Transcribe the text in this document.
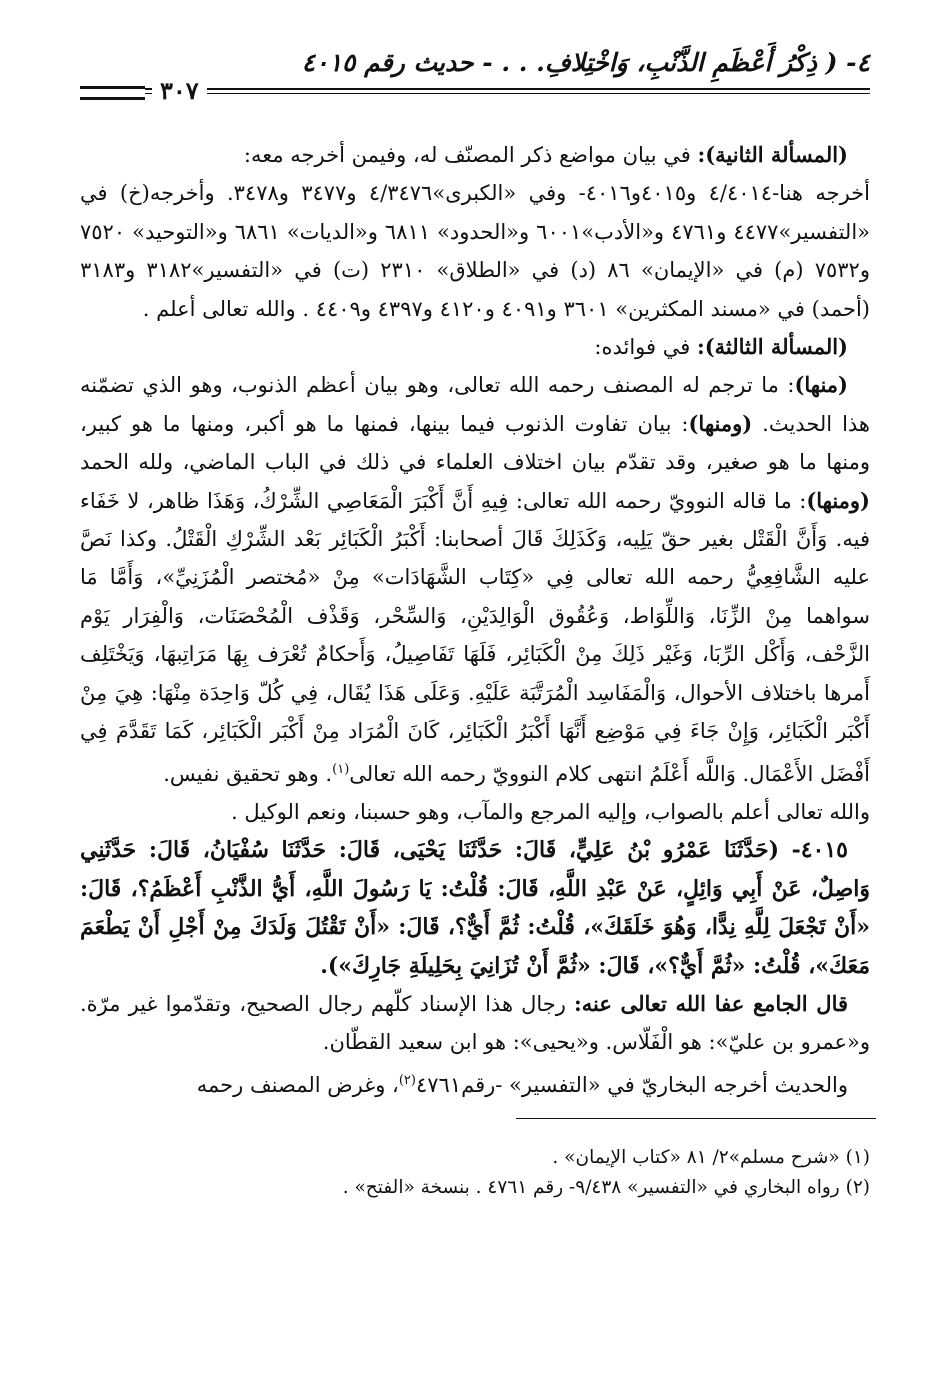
٤- ( ذِكْرُ أَعْظَمِ الذَّنْبِ، وَاخْتِلافِ. . . - حديث رقم ٤٠١٥
٣٠٧

(المسألة الثانية): في بيان مواضع ذكر المصنّف له، وفيمن أخرجه معه:

أخرجه هنا-٤/٤٠١٤ و٤٠١٥و٤٠١٦- وفي «الكبرى»٤/٣٤٧٦ و٣٤٧٧ و٣٤٧٨. وأخرجه(خ) في «التفسير»٤٤٧٧ و٤٧٦١ و«الأدب»٦٠٠١ و«الحدود» ٦٨١١ و«الديات» ٦٨٦١ و«التوحيد» ٧٥٢٠ و٧٥٣٢ (م) في «الإيمان» ٨٦ (د) في «الطلاق» ٢٣١٠ (ت) في «التفسير»٣١٨٢ و٣١٨٣ (أحمد) في «مسند المكثرين» ٣٦٠١ و٤٠٩١ و٤١٢٠ و٤٣٩٧ و٤٤٠٩ . والله تعالى أعلم .

(المسألة الثالثة): في فوائده:

(منها): ما ترجم له المصنف رحمه الله تعالى، وهو بيان أعظم الذنوب، وهو الذي تضمّنه هذا الحديث. (ومنها): بيان تفاوت الذنوب فيما بينها، فمنها ما هو أكبر، ومنها ما هو كبير، ومنها ما هو صغير، وقد تقدّم بيان اختلاف العلماء في ذلك في الباب الماضي، ولله الحمد (ومنها): ما قاله النوويّ رحمه الله تعالى: فِيهِ أَنَّ أَكْبَرَ الْمَعَاصِي الشِّرْكُ، وَهَذَا ظاهر، لا خَفَاء فيه. وَأَنَّ الْقَتْل بغير حقّ يَلِيه، وَكَذَلِكَ قَالَ أصحابنا: أَكْبَرُ الْكَبَائِر بَعْد الشِّرْكِ الْقَتْلُ. وكذا نَصَّ عليه الشَّافِعِيُّ رحمه الله تعالى فِي «كِتَاب الشَّهَادَات» مِنْ «مُختصر الْمُزَنِيِّ»، وَأَمَّا مَا سواهما مِنْ الزِّنَا، وَاللِّوَاط، وَعُقُوق الْوَالِدَيْنِ، وَالسِّحْر، وَقَذْف الْمُحْصَنَات، وَالْفِرَار يَوْم الزَّحْف، وَأَكْل الرِّبَا، وَغَيْر ذَلِكَ مِنْ الْكَبَائِر، فَلَهَا تَفَاصِيلُ، وَأَحكامٌ تُعْرَف بِهَا مَرَاتِبهَا، وَيَخْتَلِف أَمرها باختلاف الأحوال، وَالْمَفَاسِد الْمُرَتَّبَة عَلَيْهِ. وَعَلَى هَذَا يُقَال، فِي كُلّ وَاحِدَة مِنْهَا: هِيَ مِنْ أَكْبَر الْكَبَائِر، وَإِنْ جَاءَ فِي مَوْضِع أَنَّهَا أَكْبَرُ الْكَبَائِر، كَانَ الْمُرَاد مِنْ أَكْبَر الْكَبَائِر، كَمَا تَقَدَّمَ فِي أَفْضَل الأَعْمَال. وَاللَّه أَعْلَمُ انتهى كلام النوويّ رحمه الله تعالى$^{(١)}$. وهو تحقيق نفيس.

والله تعالى أعلم بالصواب، وإليه المرجع والمآب، وهو حسبنا، ونعم الوكيل .

٤٠١٥- (حَدَّثَنَا عَمْرُو بْنُ عَلِيٍّ، قَالَ: حَدَّثَنَا يَحْيَى، قَالَ: حَدَّثَنَا سُفْيَانُ، قَالَ: حَدَّثَنِي وَاصِلٌ، عَنْ أَبِي وَائِلٍ، عَنْ عَبْدِ اللَّهِ، قَالَ: قُلْتُ: يَا رَسُولَ اللَّهِ، أَيُّ الذَّنْبِ أَعْظَمُ؟، قَالَ: «أَنْ تَجْعَلَ لِلَّهِ نِدًّا، وَهُوَ خَلَقَكَ»، قُلْتُ: ثُمَّ أَيٌّ؟، قَالَ: «أَنْ تَقْتُلَ وَلَدَكَ مِنْ أَجْلِ أَنْ يَطْعَمَ مَعَكَ»، قُلْتُ: «ثُمَّ أَيٌّ؟»، قَالَ: «ثُمَّ أَنْ تُزَانِيَ بِحَلِيلَةِ جَارِكَ»).

قال الجامع عفا الله تعالى عنه: رجال هذا الإسناد كلّهم رجال الصحيح، وتقدّموا غير مرّة. و«عمرو بن عليّ»: هو الْفَلّاس. و«يحيى»: هو ابن سعيد القطّان.

والحديث أخرجه البخاريّ في «التفسير» -رقم٤٧٦١$^{(٢)}$، وغرض المصنف رحمه

(١) «شرح مسلم»٢/ ٨١ «كتاب الإيمان» .

(٢) رواه البخاري في «التفسير» ٩/٤٣٨- رقم ٤٧٦١ . بنسخة «الفتح» .
